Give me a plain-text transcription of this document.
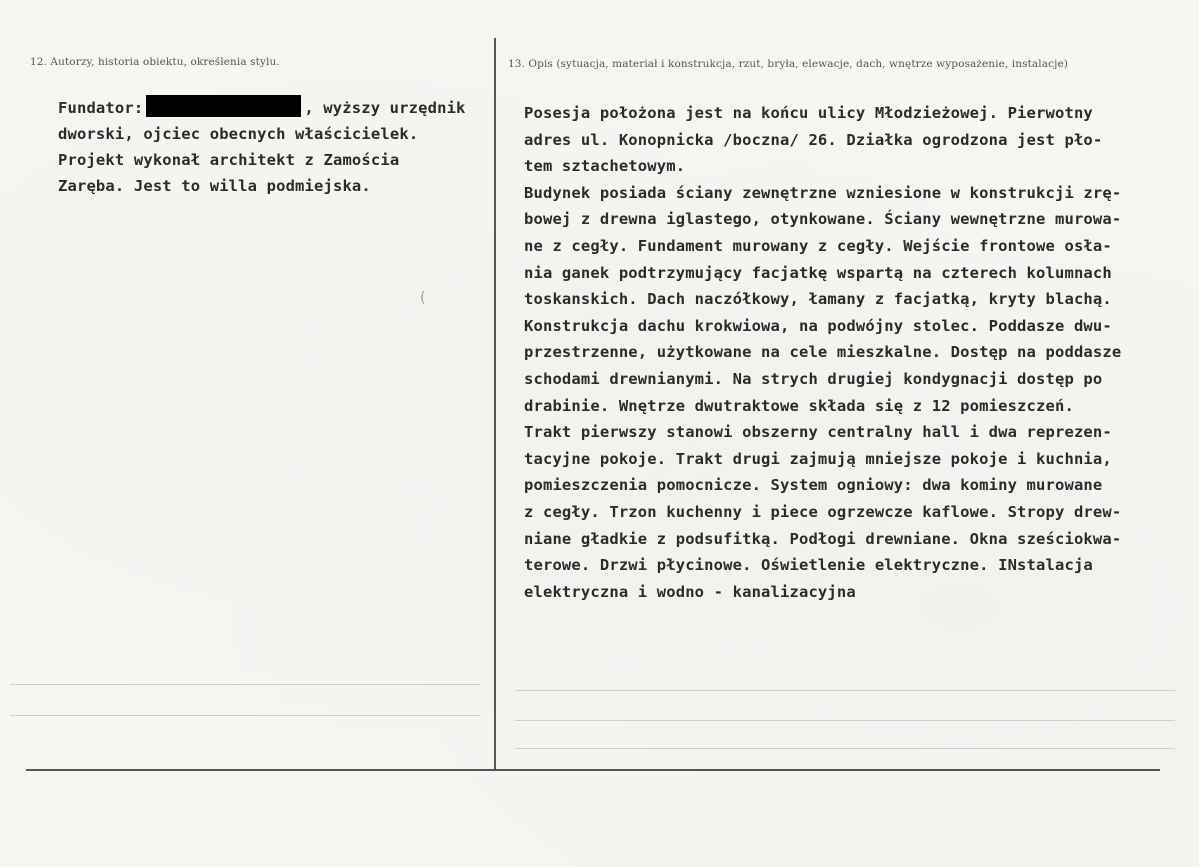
12. Autorzy, historia obiektu, określenia stylu.	13. Opis (sytuacja, materiał i konstrukcja, rzut, bryła, elewacje, dach, wnętrze wyposażenie, instalacje)
(
Fundator:	, wyższy urzędnik
dworski, ojciec obecnych właścicielek.
Projekt wykonał architekt z Zamościa
Zaręba. Jest to willa podmiejska.
Posesja położona jest na końcu ulicy Młodzieżowej. Pierwotny
adres ul. Konopnicka /boczna/ 26. Działka ogrodzona jest pło-
tem sztachetowym.
Budynek posiada ściany zewnętrzne wzniesione w konstrukcji zrę-
bowej z drewna iglastego, otynkowane. Ściany wewnętrzne murowa-
ne z cegły. Fundament murowany z cegły. Wejście frontowe osła-
nia ganek podtrzymujący facjatkę wspartą na czterech kolumnach
toskanskich. Dach naczółkowy, łamany z facjatką, kryty blachą.
Konstrukcja dachu krokwiowa, na podwójny stolec. Poddasze dwu-
przestrzenne, użytkowane na cele mieszkalne. Dostęp na poddasze
schodami drewnianymi. Na strych drugiej kondygnacji dostęp po
drabinie. Wnętrze dwutraktowe składa się z 12 pomieszczeń.
Trakt pierwszy stanowi obszerny centralny hall i dwa reprezen-
tacyjne pokoje. Trakt drugi zajmują mniejsze pokoje i kuchnia,
pomieszczenia pomocnicze. System ogniowy: dwa kominy murowane
z cegły. Trzon kuchenny i piece ogrzewcze kaflowe. Stropy drew-
niane gładkie z podsufitką. Podłogi drewniane. Okna sześciokwa-
terowe. Drzwi płycinowe. Oświetlenie elektryczne. INstalacja
elektryczna i wodno - kanalizacyjna
